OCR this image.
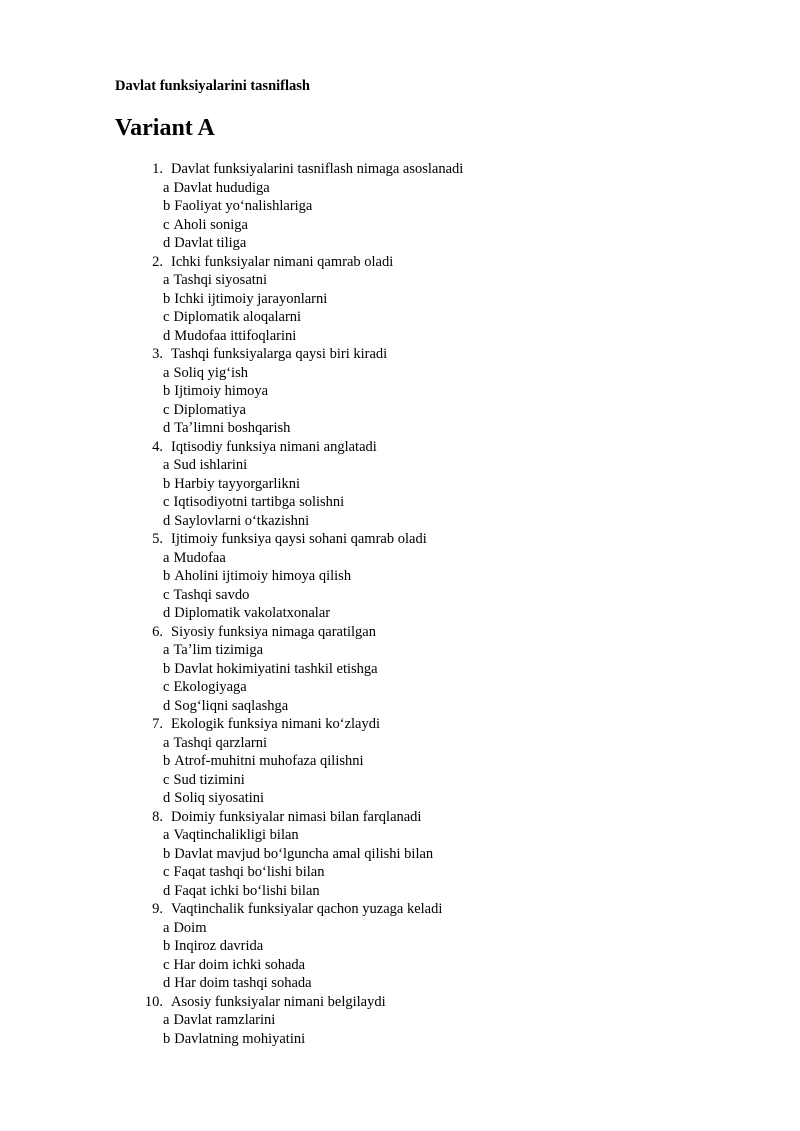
Davlat funksiyalarini tasniflash

Variant A
1. Davlat funksiyalarini tasniflash nimaga asoslanadi
a Davlat hududiga
b Faoliyat yoʻnalishlariga
c Aholi soniga
d Davlat tiliga
2. Ichki funksiyalar nimani qamrab oladi
a Tashqi siyosatni
b Ichki ijtimoiy jarayonlarni
c Diplomatik aloqalarni
d Mudofaa ittifoqlarini
3. Tashqi funksiyalarga qaysi biri kiradi
a Soliq yigʻish
b Ijtimoiy himoya
c Diplomatiya
d Taʼlimni boshqarish
4. Iqtisodiy funksiya nimani anglatadi
a Sud ishlarini
b Harbiy tayyorgarlikni
c Iqtisodiyotni tartibga solishni
d Saylovlarni oʻtkazishni
5. Ijtimoiy funksiya qaysi sohani qamrab oladi
a Mudofaa
b Aholini ijtimoiy himoya qilish
c Tashqi savdo
d Diplomatik vakolatxonalar
6. Siyosiy funksiya nimaga qaratilgan
a Taʼlim tizimiga
b Davlat hokimiyatini tashkil etishga
c Ekologiyaga
d Sogʻliqni saqlashga
7. Ekologik funksiya nimani koʻzlaydi
a Tashqi qarzlarni
b Atrof-muhitni muhofaza qilishni
c Sud tizimini
d Soliq siyosatini
8. Doimiy funksiyalar nimasi bilan farqlanadi
a Vaqtinchalikligi bilan
b Davlat mavjud boʻlguncha amal qilishi bilan
c Faqat tashqi boʻlishi bilan
d Faqat ichki boʻlishi bilan
9. Vaqtinchalik funksiyalar qachon yuzaga keladi
a Doim
b Inqiroz davrida
c Har doim ichki sohada
d Har doim tashqi sohada
10. Asosiy funksiyalar nimani belgilaydi
a Davlat ramzlarini
b Davlatning mohiyatini
